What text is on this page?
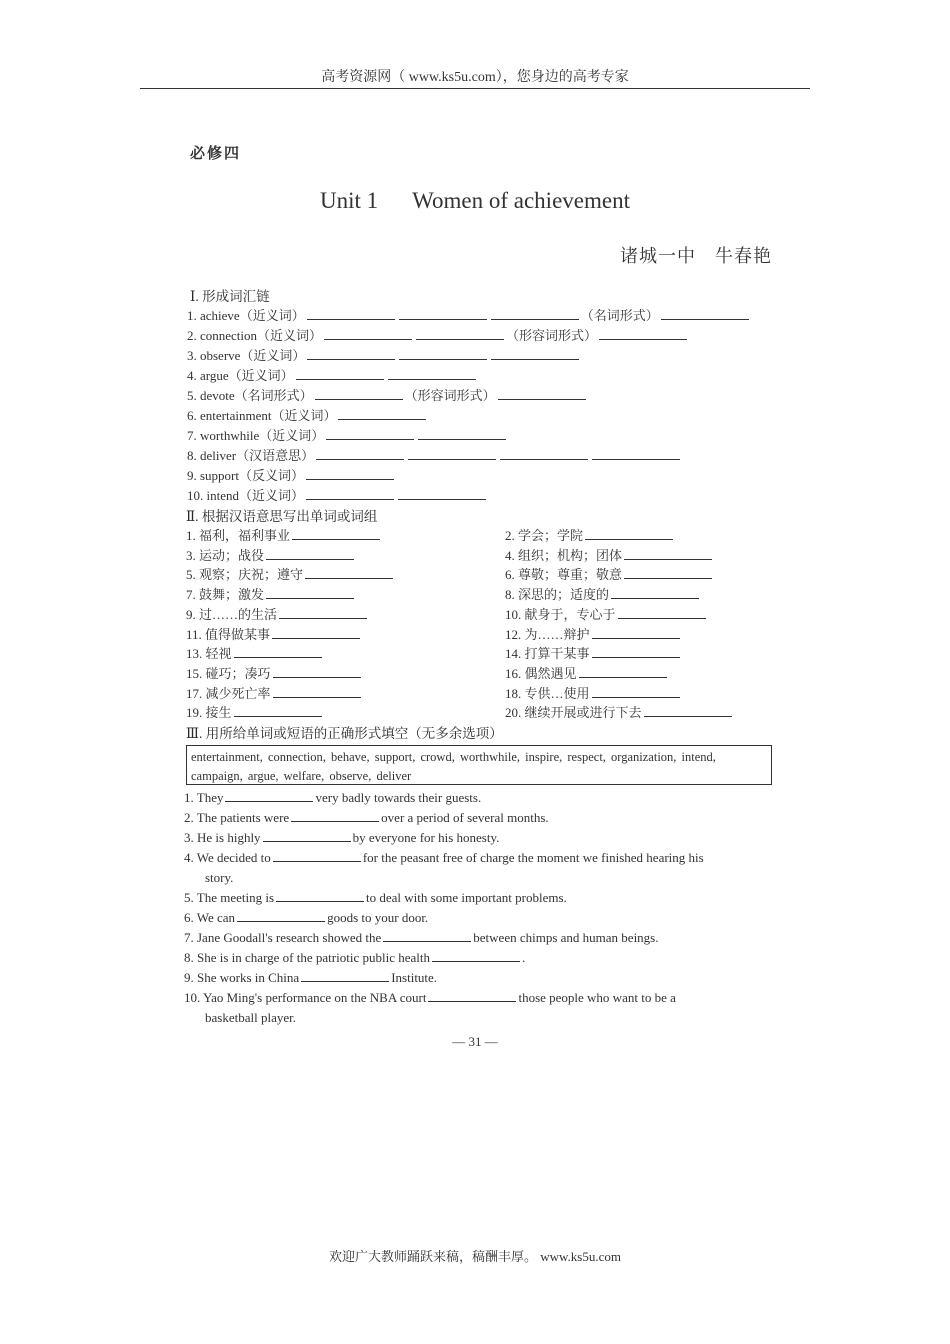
高考资源网（ www.ks5u.com），您身边的高考专家
必修四
Unit 1 Women of achievement
诸城一中　牛春艳
Ⅰ. 形成词汇链
1. achieve（近义词）	（名词形式）
2. connection（近义词）	（形容词形式）
3. observe（近义词）
4. argue（近义词）
5. devote（名词形式）	（形容词形式）
6. entertainment（近义词）
7. worthwhile（近义词）
8. deliver（汉语意思）
9. support（反义词）
10. intend（近义词）
Ⅱ. 根据汉语意思写出单词或词组
1. 福利，福利事业	2. 学会；学院
3. 运动；战役	4. 组织；机构；团体
5. 观察；庆祝；遵守	6. 尊敬；尊重；敬意
7. 鼓舞；激发	8. 深思的；适度的
9. 过……的生活	10. 献身于，专心于
11. 值得做某事	12. 为……辩护
13. 轻视	14. 打算干某事
15. 碰巧；凑巧	16. 偶然遇见
17. 减少死亡率	18. 专供…使用
19. 接生	20. 继续开展或进行下去
Ⅲ. 用所给单词或短语的正确形式填空（无多余选项）
entertainment, connection, behave, support, crowd, worthwhile, inspire, respect, organization, intend, campaign, argue, welfare, observe, deliver
1. They	very badly towards their guests.
2. The patients were	over a period of several months.
3. He is highly	by everyone for his honesty.
4. We decided to	for the peasant free of charge the moment we finished hearing his
story.
5. The meeting is	to deal with some important problems.
6. We can	goods to your door.
7. Jane Goodall's research showed the	between chimps and human beings.
8. She is in charge of the patriotic public health	.
9. She works in China	Institute.
10. Yao Ming's performance on the NBA court	those people who want to be a
basketball player.
— 31 —
欢迎广大教师踊跃来稿，稿酬丰厚。 www.ks5u.com
